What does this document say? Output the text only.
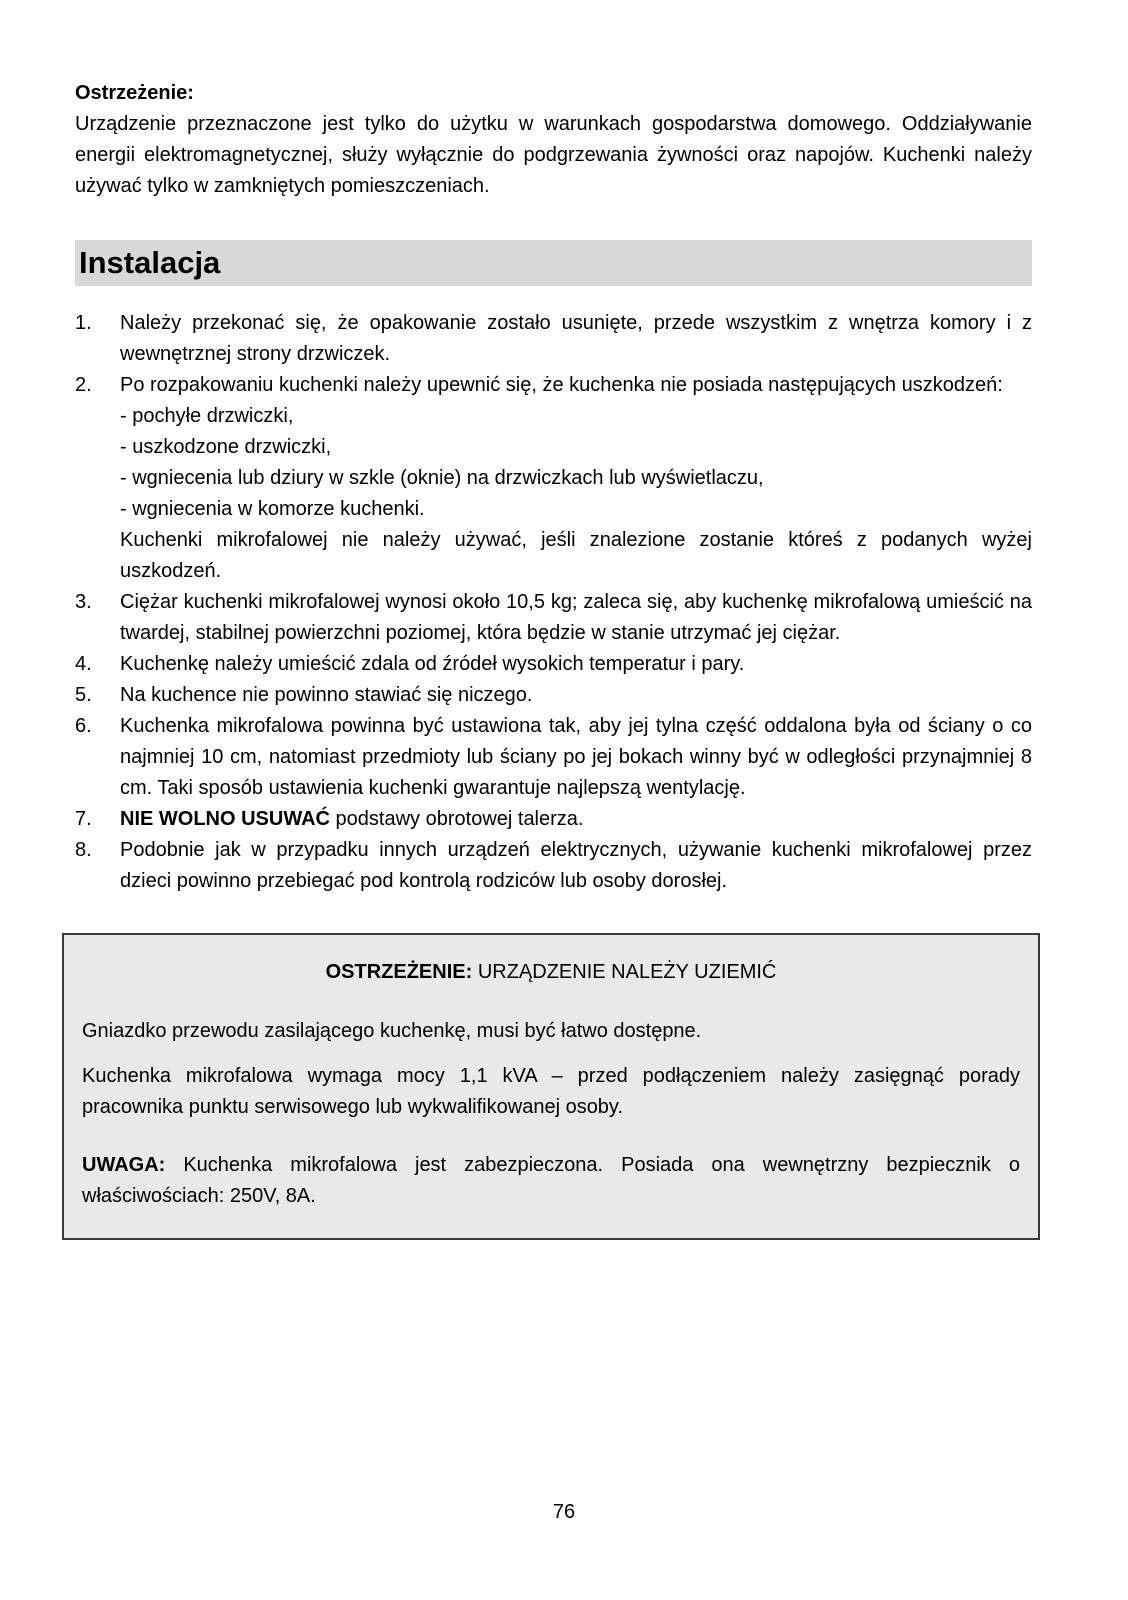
Ostrzeżenie:

Urządzenie przeznaczone jest tylko do użytku w warunkach gospodarstwa domowego. Oddziaływanie energii elektromagnetycznej, służy wyłącznie do podgrzewania żywności oraz napojów. Kuchenki należy używać tylko w zamkniętych pomieszczeniach.

Instalacja
1.	Należy przekonać się, że opakowanie zostało usunięte, przede wszystkim z wnętrza komory i z wewnętrznej strony drzwiczek.

2.	Po rozpakowaniu kuchenki należy upewnić się, że kuchenka nie posiada następujących uszkodzeń:

- pochyłe drzwiczki,
- uszkodzone drzwiczki,
- wgniecenia lub dziury w szkle (oknie) na drzwiczkach lub wyświetlaczu,
- wgniecenia w komorze kuchenki.

Kuchenki mikrofalowej nie należy używać, jeśli znalezione zostanie któreś z podanych wyżej uszkodzeń.

3.	Ciężar kuchenki mikrofalowej wynosi około 10,5 kg; zaleca się, aby kuchenkę mikrofalową umieścić na twardej, stabilnej powierzchni poziomej, która będzie w stanie utrzymać jej ciężar.

4.	Kuchenkę należy umieścić zdala od źródeł wysokich temperatur i pary.

5.	Na kuchence nie powinno stawiać się niczego.

6.	Kuchenka mikrofalowa powinna być ustawiona tak, aby jej tylna część oddalona była od ściany o co najmniej 10 cm, natomiast przedmioty lub ściany po jej bokach winny być w odległości przynajmniej 8 cm. Taki sposób ustawienia kuchenki gwarantuje najlepszą wentylację.

7.	NIE WOLNO USUWAĆ podstawy obrotowej talerza.

8.	Podobnie jak w przypadku innych urządzeń elektrycznych, używanie kuchenki mikrofalowej przez dzieci powinno przebiegać pod kontrolą rodziców lub osoby dorosłej.

OSTRZEŻENIE: URZĄDZENIE NALEŻY UZIEMIĆ

Gniazdko przewodu zasilającego kuchenkę, musi być łatwo dostępne.

Kuchenka mikrofalowa wymaga mocy 1,1 kVA – przed podłączeniem należy zasięgnąć porady pracownika punktu serwisowego lub wykwalifikowanej osoby.

UWAGA: Kuchenka mikrofalowa jest zabezpieczona. Posiada ona wewnętrzny bezpiecznik o właściwościach: 250V, 8A.

76
